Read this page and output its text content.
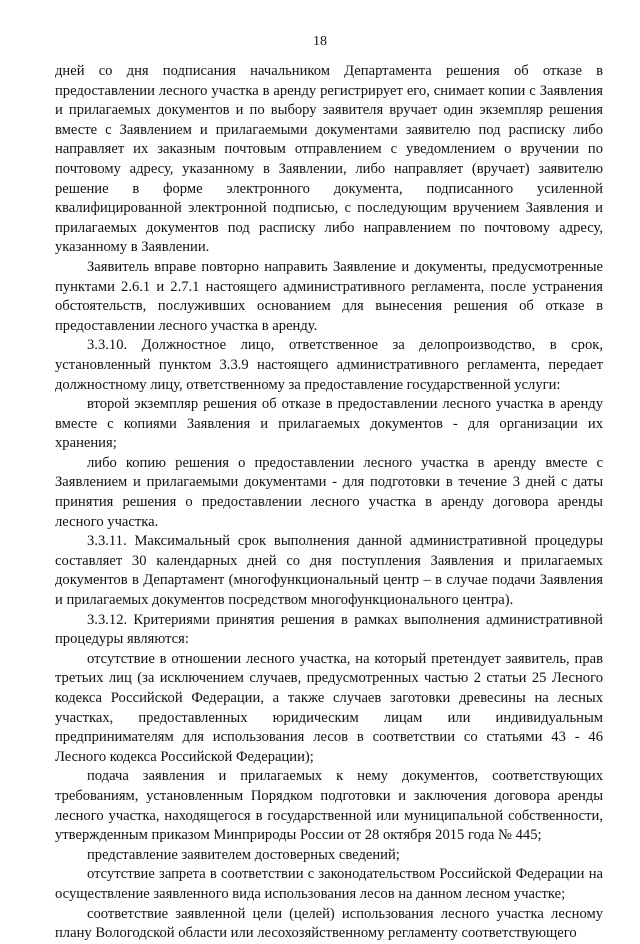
18

дней со дня подписания начальником Департамента решения об отказе в предоставлении лесного участка в аренду регистрирует его, снимает копии с Заявления и прилагаемых документов и по выбору заявителя вручает один экземпляр решения вместе с Заявлением и прилагаемыми документами заявителю под расписку либо направляет их заказным почтовым отправлением с уведомлением о вручении по почтовому адресу, указанному в Заявлении, либо направляет (вручает) заявителю решение в форме электронного документа, подписанного усиленной квалифицированной электронной подписью, с последующим вручением Заявления и прилагаемых документов под расписку либо направлением по почтовому адресу, указанному в Заявлении.

Заявитель вправе повторно направить Заявление и документы, предусмотренные пунктами 2.6.1 и 2.7.1 настоящего административного регламента, после устранения обстоятельств, послуживших основанием для вынесения решения об отказе в предоставлении лесного участка в аренду.

3.3.10. Должностное лицо, ответственное за делопроизводство, в срок, установленный пунктом 3.3.9 настоящего административного регламента, передает должностному лицу, ответственному за предоставление государственной услуги:

второй экземпляр решения об отказе в предоставлении лесного участка в аренду вместе с копиями Заявления и прилагаемых документов - для организации их хранения;

либо копию решения о предоставлении лесного участка в аренду вместе с Заявлением и прилагаемыми документами - для подготовки в течение 3 дней с даты принятия решения о предоставлении лесного участка в аренду договора аренды лесного участка.

3.3.11. Максимальный срок выполнения данной административной процедуры составляет 30 календарных дней со дня поступления Заявления и прилагаемых документов в Департамент (многофункциональный центр – в случае подачи Заявления и прилагаемых документов посредством многофункционального центра).

3.3.12. Критериями принятия решения в рамках выполнения административной процедуры являются:

отсутствие в отношении лесного участка, на который претендует заявитель, прав третьих лиц (за исключением случаев, предусмотренных частью 2 статьи 25 Лесного кодекса Российской Федерации, а также случаев заготовки древесины на лесных участках, предоставленных юридическим лицам или индивидуальным предпринимателям для использования лесов в соответствии со статьями 43 - 46 Лесного кодекса Российской Федерации);

подача заявления и прилагаемых к нему документов, соответствующих требованиям, установленным Порядком подготовки и заключения договора аренды лесного участка, находящегося в государственной или муниципальной собственности, утвержденным приказом Минприроды России от 28 октября 2015 года № 445;

представление заявителем достоверных сведений;

отсутствие запрета в соответствии с законодательством Российской Федерации на осуществление заявленного вида использования лесов на данном лесном участке;

соответствие заявленной цели (целей) использования лесного участка лесному плану Вологодской области или лесохозяйственному регламенту соответствующего
